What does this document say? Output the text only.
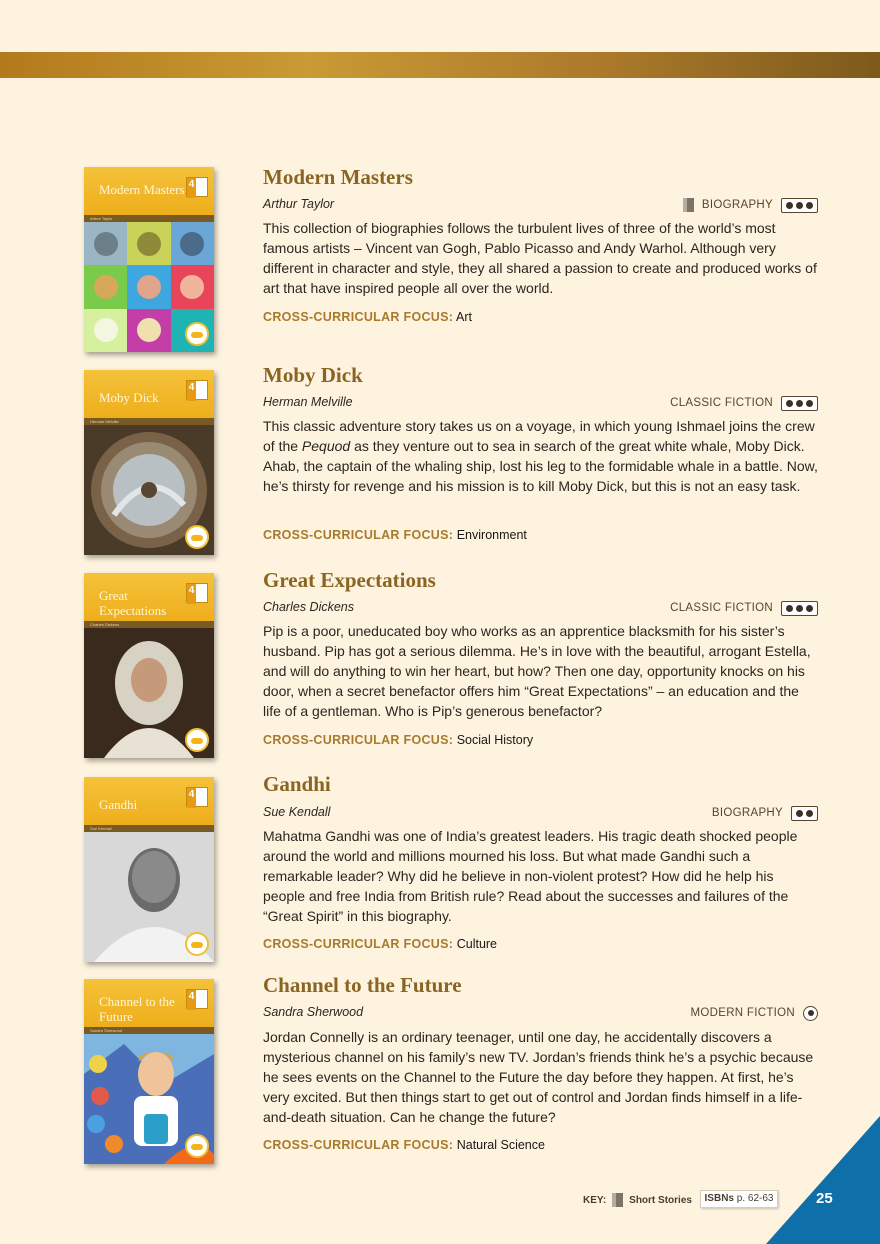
Modern Masters 4
Arthur Taylor
Modern Masters
Arthur Taylor	BIOGRAPHY
This collection of biographies follows the turbulent lives of three of the world’s most famous artists – Vincent van Gogh, Pablo Picasso and Andy Warhol. Although very different in character and style, they all shared a passion to create and produced works of art that have inspired people all over the world.
CROSS-CURRICULAR FOCUS: Art
Moby Dick
4
Herman Melville
Moby Dick
Herman Melville	CLASSIC FICTION
This classic adventure story takes us on a voyage, in which young Ishmael joins the crew of the Pequod as they venture out to sea in search of the great white whale, Moby Dick. Ahab, the captain of the whaling ship, lost his leg to the formidable whale in a battle. Now, he’s thirsty for revenge and his mission is to kill Moby Dick, but this is not an easy task.
CROSS-CURRICULAR FOCUS: Environment
Great Expectations
4
Charles Dickens
Great Expectations
Charles Dickens	CLASSIC FICTION
Pip is a poor, uneducated boy who works as an apprentice blacksmith for his sister’s husband. Pip has got a serious dilemma. He’s in love with the beautiful, arrogant Estella, and will do anything to win her heart, but how? Then one day, opportunity knocks on his door, when a secret benefactor offers him “Great Expectations” – an education and the life of a gentleman. Who is Pip’s generous benefactor?
CROSS-CURRICULAR FOCUS: Social History
Gandhi
4
Sue Kendall
Gandhi
Sue Kendall	BIOGRAPHY
Mahatma Gandhi was one of India’s greatest leaders. His tragic death shocked people around the world and millions mourned his loss. But what made Gandhi such a remarkable leader? Why did he believe in non-violent protest? How did he help his people and free India from British rule? Read about the successes and failures of the “Great Spirit” in this biography.
CROSS-CURRICULAR FOCUS: Culture
Channel to the Future
4
Sandra Sherwood
Channel to the Future
Sandra Sherwood	MODERN FICTION
Jordan Connelly is an ordinary teenager, until one day, he accidentally discovers a mysterious channel on his family’s new TV. Jordan’s friends think he’s a psychic because he sees events on the Channel to the Future the day before they happen. At first, he’s very excited. But then things start to get out of control and Jordan finds himself in a life-and-death situation. Can he change the future?
CROSS-CURRICULAR FOCUS: Natural Science
KEY: Short Stories	ISBNs p. 62-63	25
